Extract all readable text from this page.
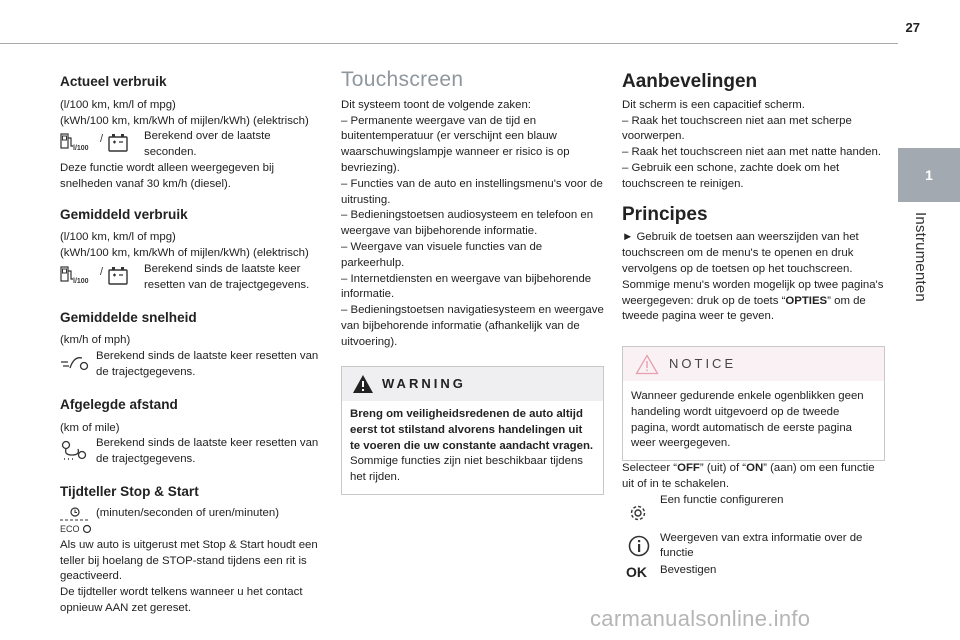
27
1
Instrumenten
Actueel verbruik

(l/100 km, km/l of mpg)

(kWh/100 km, km/kWh of mijlen/kWh) (elektrisch)

l/100
/	Berekend over de laatste seconden.

Deze functie wordt alleen weergegeven bij snelheden vanaf 30 km/h (diesel).

Gemiddeld verbruik

(l/100 km, km/l of mpg)

(kWh/100 km, km/kWh of mijlen/kWh) (elektrisch)

l/100
/	Berekend sinds de laatste keer resetten van de trajectgegevens.
Gemiddelde snelheid

(km/h of mph)

Berekend sinds de laatste keer resetten van de trajectgegevens.
Afgelegde afstand

(km of mile)

Berekend sinds de laatste keer resetten van de trajectgegevens.
Tijdteller Stop & Start
ECO
(minuten/seconden of uren/minuten)

Als uw auto is uitgerust met Stop & Start houdt een teller bij hoelang de STOP-stand tijdens een rit is geactiveerd.

De tijdteller wordt telkens wanneer u het contact opnieuw AAN zet gereset.

Touchscreen

Dit systeem toont de volgende zaken:

– Permanente weergave van de tijd en buitentemperatuur (er verschijnt een blauw waarschuwingslampje wanneer er risico is op bevriezing).

– Functies van de auto en instellingsmenu's voor de uitrusting.

– Bedieningstoetsen audiosysteem en telefoon en weergave van bijbehorende informatie.

– Weergave van visuele functies van de parkeerhulp.

– Internetdiensten en weergave van bijbehorende informatie.

– Bedieningstoetsen navigatiesysteem en weergave van bijbehorende informatie (afhankelijk van de uitvoering).

WARNING
Breng om veiligheidsredenen de auto altijd eerst tot stilstand alvorens handelingen uit te voeren die uw constante aandacht vragen.
Sommige functies zijn niet beschikbaar tijdens het rijden.
Aanbevelingen

Dit scherm is een capacitief scherm.

– Raak het touchscreen niet aan met scherpe voorwerpen.

– Raak het touchscreen niet aan met natte handen.

– Gebruik een schone, zachte doek om het touchscreen te reinigen.

Principes

► Gebruik de toetsen aan weerszijden van het touchscreen om de menu's te openen en druk vervolgens op de toetsen op het touchscreen. Sommige menu's worden mogelijk op twee pagina's weergegeven: druk op de toets “OPTIES” om de tweede pagina weer te geven.

NOTICE
Wanneer gedurende enkele ogenblikken geen handeling wordt uitgevoerd op de tweede pagina, wordt automatisch de eerste pagina weer weergegeven.

Selecteer “OFF” (uit) of “ON” (aan) om een functie uit of in te schakelen.

Een functie configureren
Weergeven van extra informatie over de functie
OK Bevestigen
carmanualsonline.info
